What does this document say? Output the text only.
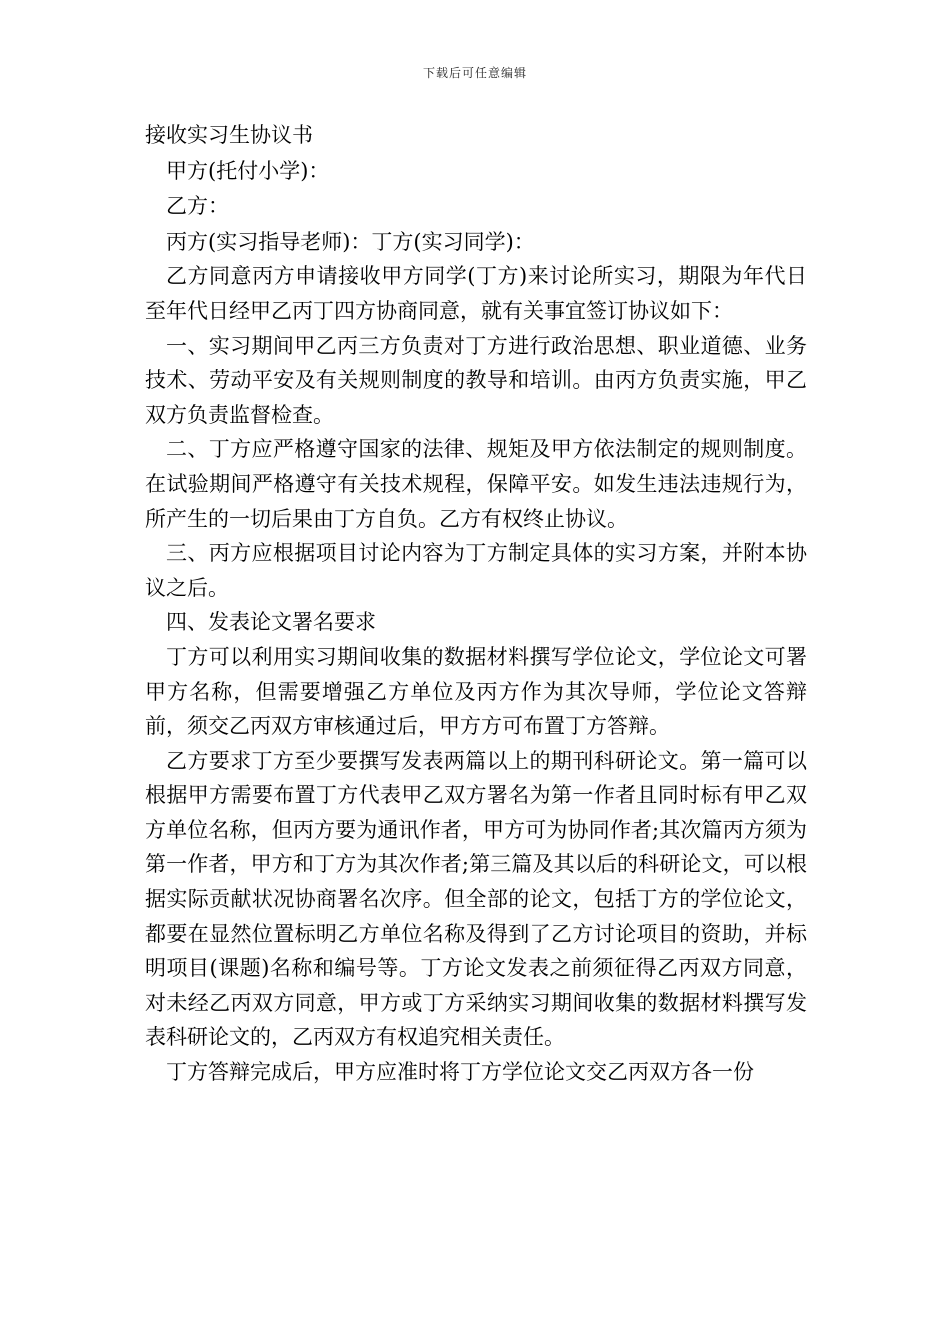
下载后可任意编辑
接收实习生协议书

甲方(托付小学)：

乙方：

丙方(实习指导老师)：丁方(实习同学)：

乙方同意丙方申请接收甲方同学(丁方)来讨论所实习，期限为年代日至年代日经甲乙丙丁四方协商同意，就有关事宜签订协议如下：

一、实习期间甲乙丙三方负责对丁方进行政治思想、职业道德、业务技术、劳动平安及有关规则制度的教导和培训。由丙方负责实施，甲乙双方负责监督检查。

二、丁方应严格遵守国家的法律、规矩及甲方依法制定的规则制度。在试验期间严格遵守有关技术规程，保障平安。如发生违法违规行为，所产生的一切后果由丁方自负。乙方有权终止协议。

三、丙方应根据项目讨论内容为丁方制定具体的实习方案，并附本协议之后。

四、发表论文署名要求

丁方可以利用实习期间收集的数据材料撰写学位论文，学位论文可署甲方名称，但需要增强乙方单位及丙方作为其次导师，学位论文答辩前，须交乙丙双方审核通过后，甲方方可布置丁方答辩。

乙方要求丁方至少要撰写发表两篇以上的期刊科研论文。第一篇可以根据甲方需要布置丁方代表甲乙双方署名为第一作者且同时标有甲乙双方单位名称，但丙方要为通讯作者，甲方可为协同作者;其次篇丙方须为第一作者，甲方和丁方为其次作者;第三篇及其以后的科研论文，可以根据实际贡献状况协商署名次序。但全部的论文，包括丁方的学位论文，都要在显然位置标明乙方单位名称及得到了乙方讨论项目的资助，并标明项目(课题)名称和编号等。丁方论文发表之前须征得乙丙双方同意，对未经乙丙双方同意，甲方或丁方采纳实习期间收集的数据材料撰写发表科研论文的，乙丙双方有权追究相关责任。

丁方答辩完成后，甲方应准时将丁方学位论文交乙丙双方各一份
